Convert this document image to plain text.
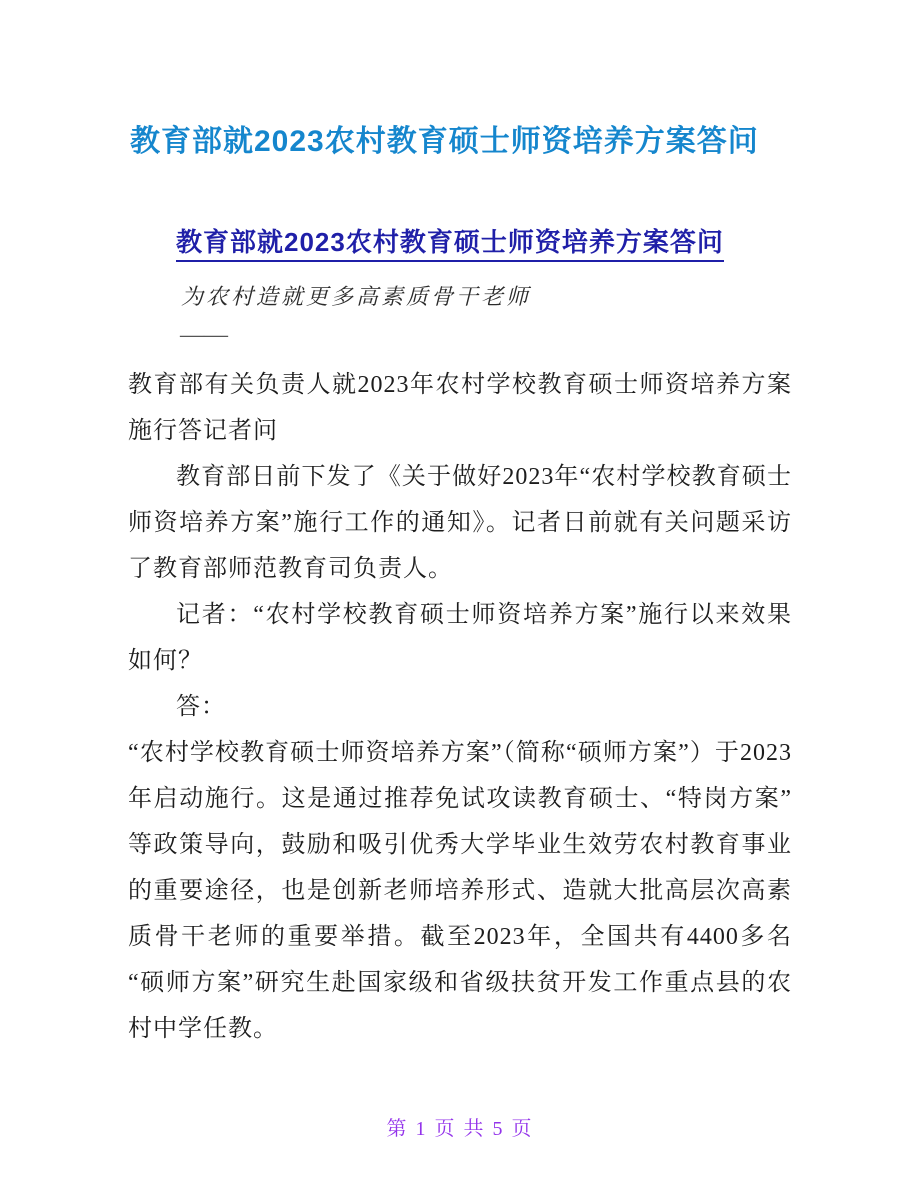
教育部就2023农村教育硕士师资培养方案答问
教育部就2023农村教育硕士师资培养方案答问
为农村造就更多高素质骨干老师
——

教育部有关负责人就2023年农村学校教育硕士师资培养方案施行答记者问

教育部日前下发了《关于做好2023年“农村学校教育硕士师资培养方案”施行工作的通知》。记者日前就有关问题采访了教育部师范教育司负责人。

记者：“农村学校教育硕士师资培养方案”施行以来效果如何？

答：

“农村学校教育硕士师资培养方案”（简称“硕师方案”）于2023年启动施行。这是通过推荐免试攻读教育硕士、“特岗方案”等政策导向，鼓励和吸引优秀大学毕业生效劳农村教育事业的重要途径，也是创新老师培养形式、造就大批高层次高素质骨干老师的重要举措。截至2023年，全国共有4400多名“硕师方案”研究生赴国家级和省级扶贫开发工作重点县的农村中学任教。

第 1 页 共 5 页
